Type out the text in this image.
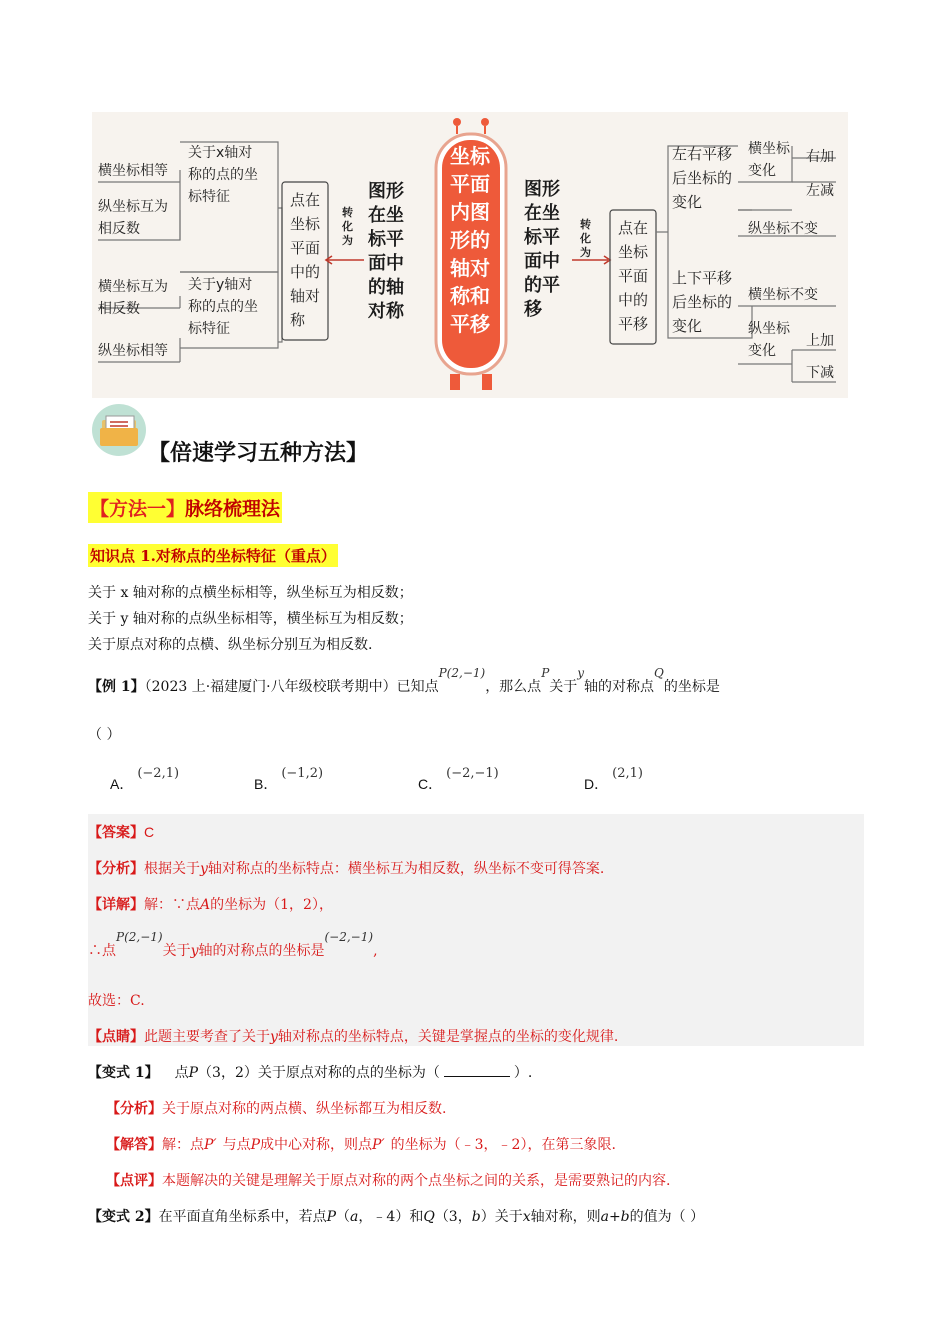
横坐标相等
纵坐标互为
相反数
关于x轴对
称的点的坐
标特征
横坐标互为
相反数
纵坐标相等
关于y轴对
称的点的坐
标特征
点在
坐标
平面
中的
轴对
称
转
化
为
图形
在坐
标平
面中
的轴
对称
坐标
平面
内图
形的
轴对
称和
平移
图形
在坐
标平
面中
的平
移
转
化
为
点在
坐标
平面
中的
平移
左右平移
后坐标的
变化
横坐标
变化
右加
左减
纵坐标不变
上下平移
后坐标的
变化
横坐标不变
纵坐标
变化
上加
下减
【倍速学习五种方法】
【方法一】脉络梳理法
知识点 1.对称点的坐标特征（重点）
关于 x 轴对称的点横坐标相等，纵坐标互为相反数；
关于 y 轴对称的点纵坐标相等，横坐标互为相反数；
关于原点对称的点横、纵坐标分别互为相反数.
【例 1】（2023 上·福建厦门·八年级校联考期中）已知点P(2,−1)，那么点P关于y轴的对称点Q的坐标是
（ ）
A．(−2,1)
B．(−1,2)
C．(−2,−1)
D．(2,1)
【答案】C
【分析】根据关于y轴对称点的坐标特点：横坐标互为相反数，纵坐标不变可得答案.
【详解】解：∵点A的坐标为（1，2），
∴点P(2,−1)关于y轴的对称点的坐标是(−2,−1),
故选：C.
【点睛】此题主要考查了关于y轴对称点的坐标特点，关键是掌握点的坐标的变化规律.
【变式 1】 点P（3，2）关于原点对称的点的坐标为（	）.
【分析】关于原点对称的两点横、纵坐标都互为相反数.
【解答】解：点P′ 与点P成中心对称，则点P′ 的坐标为（﹣3，﹣2），在第三象限.
【点评】本题解决的关键是理解关于原点对称的两个点坐标之间的关系，是需要熟记的内容.
【变式 2】在平面直角坐标系中，若点P（a，﹣4）和Q（3，b）关于x轴对称，则a+b的值为（ ）
